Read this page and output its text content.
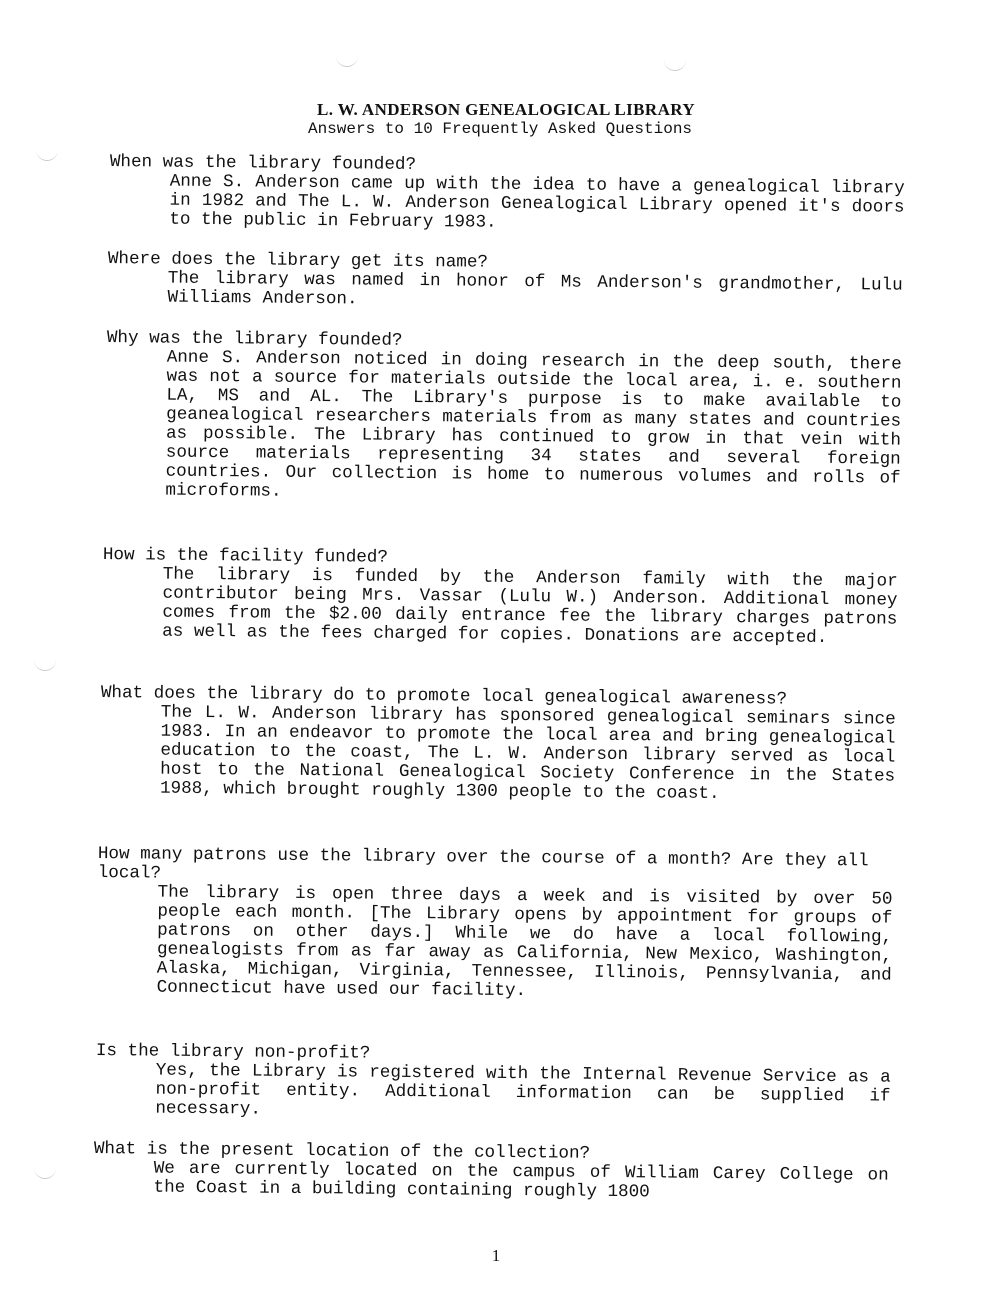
L. W. ANDERSON GENEALOGICAL LIBRARY
Answers to 10 Frequently Asked Questions

When was the library founded?

Anne S. Anderson came up with the idea to have a genealogical library in 1982 and The L. W. Anderson Genealogical Library opened it's doors to the public in February 1983.

Where does the library get its name?

The library was named in honor of Ms Anderson's grandmother, Lulu Williams Anderson.

Why was the library founded?

Anne S. Anderson noticed in doing research in the deep south, there was not a source for materials outside the local area, i. e. southern LA, MS and AL. The Library's purpose is to make available to geanealogical researchers materials from as many states and countries as possible. The Library has continued to grow in that vein with source materials representing 34 states and several foreign countries. Our collection is home to numerous volumes and rolls of microforms.

How is the facility funded?

The library is funded by the Anderson family with the major contributor being Mrs. Vassar (Lulu W.) Anderson. Additional money comes from the $2.00 daily entrance fee the library charges patrons as well as the fees charged for copies. Donations are accepted.

What does the library do to promote local genealogical awareness?

The L. W. Anderson library has sponsored genealogical seminars since 1983. In an endeavor to promote the local area and bring genealogical education to the coast, The L. W. Anderson library served as local host to the National Genealogical Society Conference in the States 1988, which brought roughly 1300 people to the coast.

How many patrons use the library over the course of a month? Are they all local?

The library is open three days a week and is visited by over 50 people each month. [The Library opens by appointment for groups of patrons on other days.] While we do have a local following, genealogists from as far away as California, New Mexico, Washington, Alaska, Michigan, Virginia, Tennessee, Illinois, Pennsylvania, and Connecticut have used our facility.

Is the library non-profit?

Yes, the Library is registered with the Internal Revenue Service as a non-profit entity. Additional information can be supplied if necessary.

What is the present location of the collection?

We are currently located on the campus of William Carey College on the Coast in a building containing roughly 1800

1
